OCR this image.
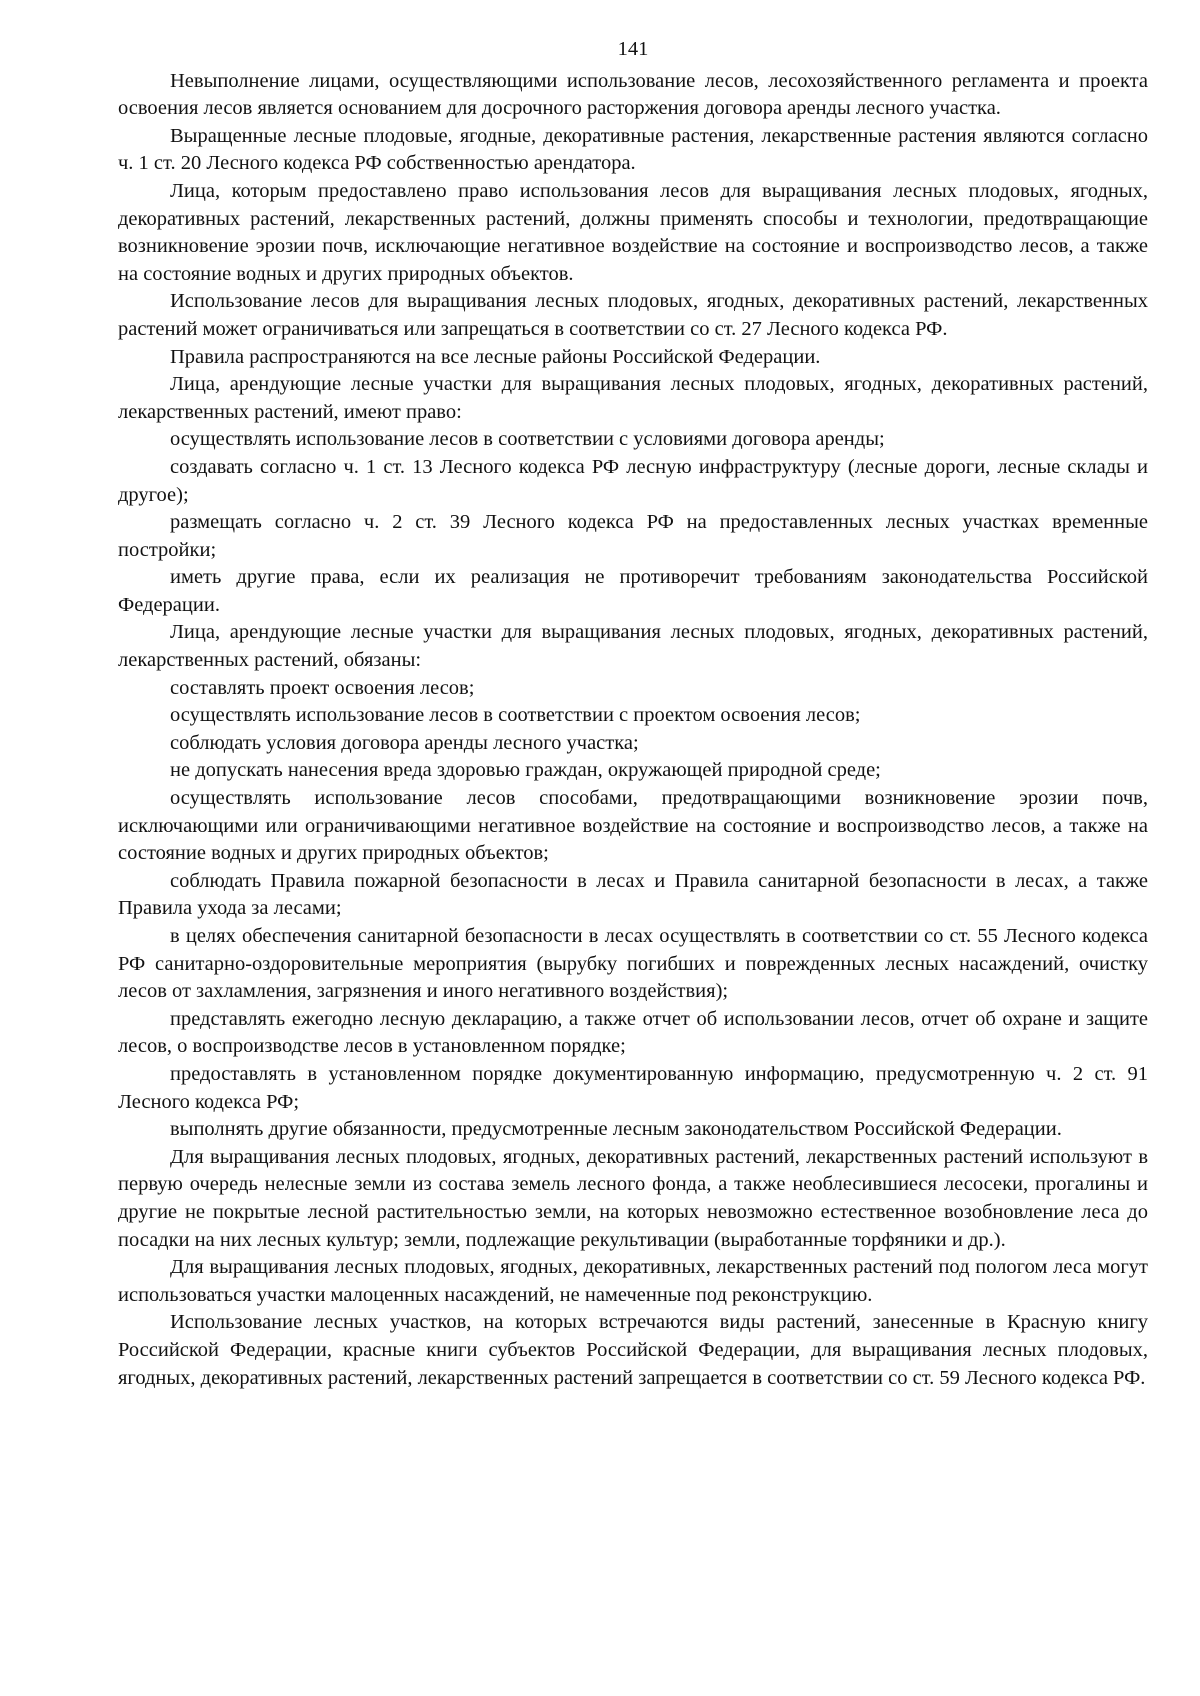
141

Невыполнение лицами, осуществляющими использование лесов, лесохозяйственного регламента и проекта освоения лесов является основанием для досрочного расторжения договора аренды лесного участка.

Выращенные лесные плодовые, ягодные, декоративные растения, лекарственные растения являются согласно ч. 1 ст. 20 Лесного кодекса РФ собственностью арендатора.

Лица, которым предоставлено право использования лесов для выращивания лесных плодовых, ягодных, декоративных растений, лекарственных растений, должны применять способы и технологии, предотвращающие возникновение эрозии почв, исключающие негативное воздействие на состояние и воспроизводство лесов, а также на состояние водных и других природных объектов.

Использование лесов для выращивания лесных плодовых, ягодных, декоративных растений, лекарственных растений может ограничиваться или запрещаться в соответствии со ст. 27 Лесного кодекса РФ.

Правила распространяются на все лесные районы Российской Федерации.

Лица, арендующие лесные участки для выращивания лесных плодовых, ягодных, декоративных растений, лекарственных растений, имеют право:

осуществлять использование лесов в соответствии с условиями договора аренды;

создавать согласно ч. 1 ст. 13 Лесного кодекса РФ лесную инфраструктуру (лесные дороги, лесные склады и другое);

размещать согласно ч. 2 ст. 39 Лесного кодекса РФ на предоставленных лесных участках временные постройки;

иметь другие права, если их реализация не противоречит требованиям законодательства Российской Федерации.

Лица, арендующие лесные участки для выращивания лесных плодовых, ягодных, декоративных растений, лекарственных растений, обязаны:

составлять проект освоения лесов;

осуществлять использование лесов в соответствии с проектом освоения лесов;

соблюдать условия договора аренды лесного участка;

не допускать нанесения вреда здоровью граждан, окружающей природной среде;

осуществлять использование лесов способами, предотвращающими возникновение эрозии почв, исключающими или ограничивающими негативное воздействие на состояние и воспроизводство лесов, а также на состояние водных и других природных объектов;

соблюдать Правила пожарной безопасности в лесах и Правила санитарной безопасности в лесах, а также Правила ухода за лесами;

в целях обеспечения санитарной безопасности в лесах осуществлять в соответствии со ст. 55 Лесного кодекса РФ санитарно-оздоровительные мероприятия (вырубку погибших и поврежденных лесных насаждений, очистку лесов от захламления, загрязнения и иного негативного воздействия);

представлять ежегодно лесную декларацию, а также отчет об использовании лесов, отчет об охране и защите лесов, о воспроизводстве лесов в установленном порядке;

предоставлять в установленном порядке документированную информацию, предусмотренную ч. 2 ст. 91 Лесного кодекса РФ;

выполнять другие обязанности, предусмотренные лесным законодательством Российской Федерации.

Для выращивания лесных плодовых, ягодных, декоративных растений, лекарственных растений используют в первую очередь нелесные земли из состава земель лесного фонда, а также необлесившиеся лесосеки, прогалины и другие не покрытые лесной растительностью земли, на которых невозможно естественное возобновление леса до посадки на них лесных культур; земли, подлежащие рекультивации (выработанные торфяники и др.).

Для выращивания лесных плодовых, ягодных, декоративных, лекарственных растений под пологом леса могут использоваться участки малоценных насаждений, не намеченные под реконструкцию.

Использование лесных участков, на которых встречаются виды растений, занесенные в Красную книгу Российской Федерации, красные книги субъектов Российской Федерации, для выращивания лесных плодовых, ягодных, декоративных растений, лекарственных растений запрещается в соответствии со ст. 59 Лесного кодекса РФ.
